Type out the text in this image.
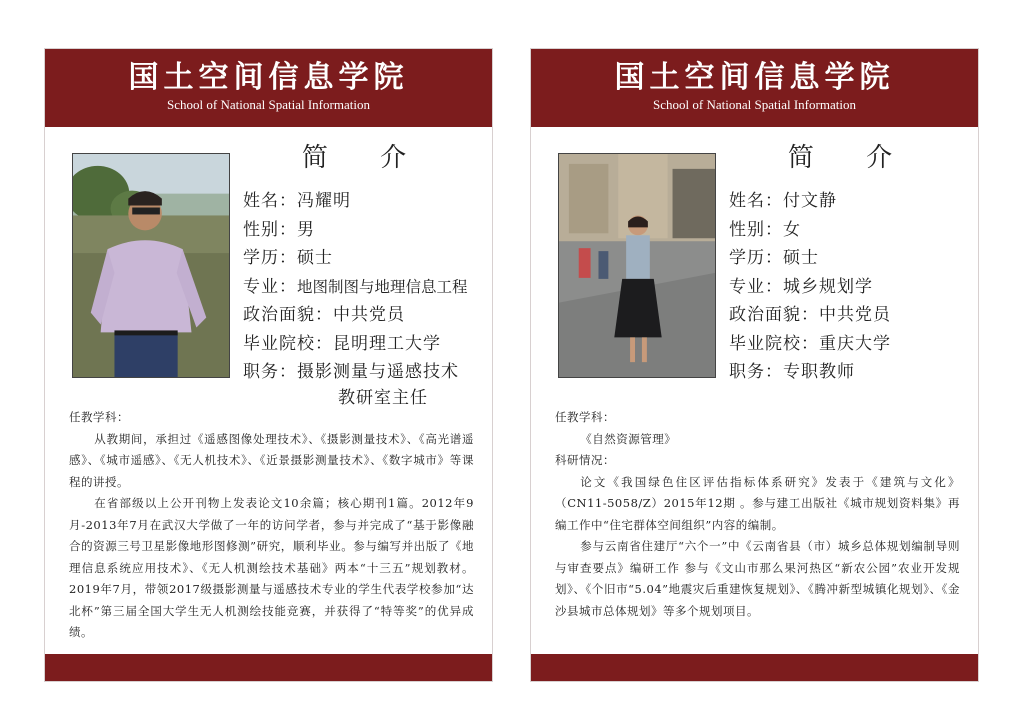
国土空间信息学院
School of National Spatial Information
简 介
姓名：冯耀明
性别：男
学历：硕士
专业：地图制图与地理信息工程
政治面貌：中共党员
毕业院校：昆明理工大学
职务：摄影测量与遥感技术
教研室主任

任教学科：

从教期间，承担过《遥感图像处理技术》、《摄影测量技术》、《高光谱遥感》、《城市遥感》、《无人机技术》、《近景摄影测量技术》、《数字城市》等课程的讲授。

在省部级以上公开刊物上发表论文10余篇；核心期刊1篇。2012年9月-2013年7月在武汉大学做了一年的访问学者，参与并完成了“基于影像融合的资源三号卫星影像地形图修测”研究，顺利毕业。参与编写并出版了《地理信息系统应用技术》、《无人机测绘技术基础》两本“十三五”规划教材。2019年7月，带领2017级摄影测量与遥感技术专业的学生代表学校参加“达北杯”第三届全国大学生无人机测绘技能竞赛，并获得了“特等奖”的优异成绩。

国土空间信息学院
School of National Spatial Information
简 介
姓名：付文静
性别：女
学历：硕士
专业：城乡规划学
政治面貌：中共党员
毕业院校：重庆大学
职务：专职教师

任教学科：

《自然资源管理》

科研情况：

论文《我国绿色住区评估指标体系研究》发表于《建筑与文化》（CN11-5058/Z）2015年12期 。参与建工出版社《城市规划资料集》再编工作中“住宅群体空间组织”内容的编制。

参与云南省住建厅“六个一”中《云南省县（市）城乡总体规划编制导则与审查要点》编研工作 参与《文山市那么果河热区“新农公园”农业开发规划》、《个旧市“5.04”地震灾后重建恢复规划》、《腾冲新型城镇化规划》、《金沙县城市总体规划》等多个规划项目。
